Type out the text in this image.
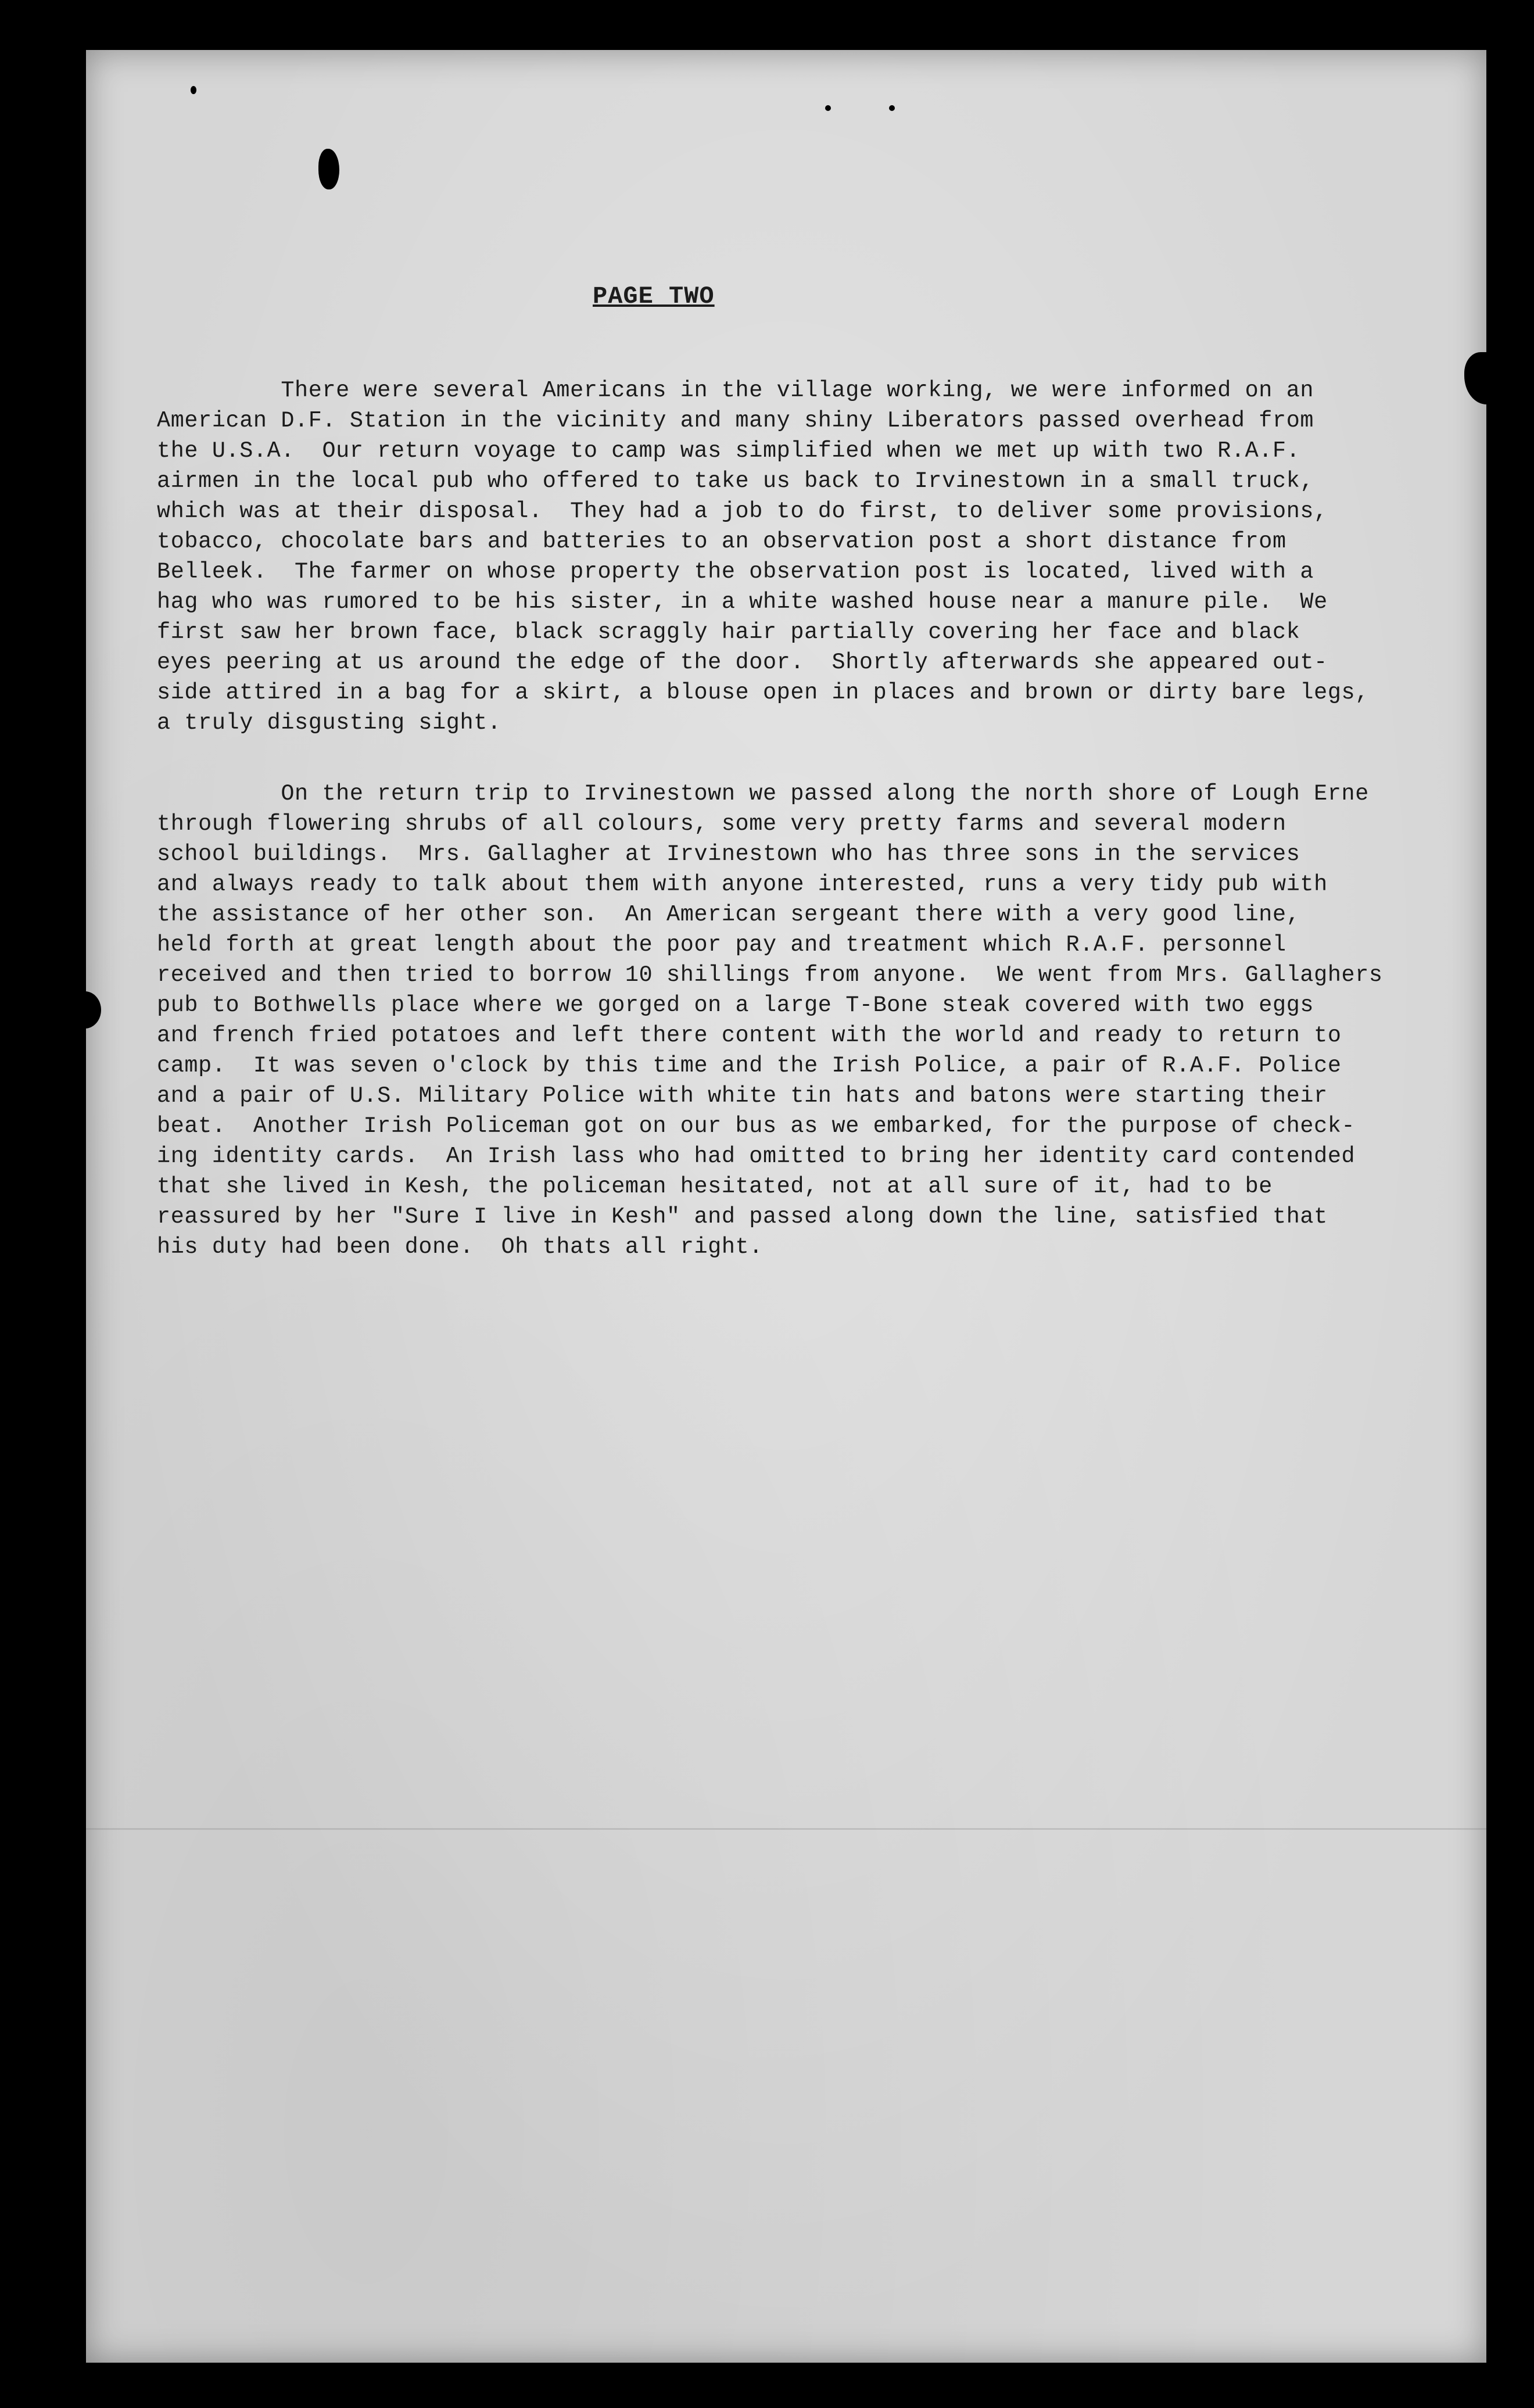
PAGE TWO
There were several Americans in the village working, we were informed on an
American D.F. Station in the vicinity and many shiny Liberators passed overhead from
the U.S.A.  Our return voyage to camp was simplified when we met up with two R.A.F.
airmen in the local pub who offered to take us back to Irvinestown in a small truck,
which was at their disposal.  They had a job to do first, to deliver some provisions,
tobacco, chocolate bars and batteries to an observation post a short distance from
Belleek.  The farmer on whose property the observation post is located, lived with a
hag who was rumored to be his sister, in a white washed house near a manure pile.  We
first saw her brown face, black scraggly hair partially covering her face and black
eyes peering at us around the edge of the door.  Shortly afterwards she appeared out-
side attired in a bag for a skirt, a blouse open in places and brown or dirty bare legs,
a truly disgusting sight.
On the return trip to Irvinestown we passed along the north shore of Lough Erne
through flowering shrubs of all colours, some very pretty farms and several modern
school buildings.  Mrs. Gallagher at Irvinestown who has three sons in the services
and always ready to talk about them with anyone interested, runs a very tidy pub with
the assistance of her other son.  An American sergeant there with a very good line,
held forth at great length about the poor pay and treatment which R.A.F. personnel
received and then tried to borrow 10 shillings from anyone.  We went from Mrs. Gallaghers
pub to Bothwells place where we gorged on a large T-Bone steak covered with two eggs
and french fried potatoes and left there content with the world and ready to return to
camp.  It was seven o'clock by this time and the Irish Police, a pair of R.A.F. Police
and a pair of U.S. Military Police with white tin hats and batons were starting their
beat.  Another Irish Policeman got on our bus as we embarked, for the purpose of check-
ing identity cards.  An Irish lass who had omitted to bring her identity card contended
that she lived in Kesh, the policeman hesitated, not at all sure of it, had to be
reassured by her "Sure I live in Kesh" and passed along down the line, satisfied that
his duty had been done.  Oh thats all right.
